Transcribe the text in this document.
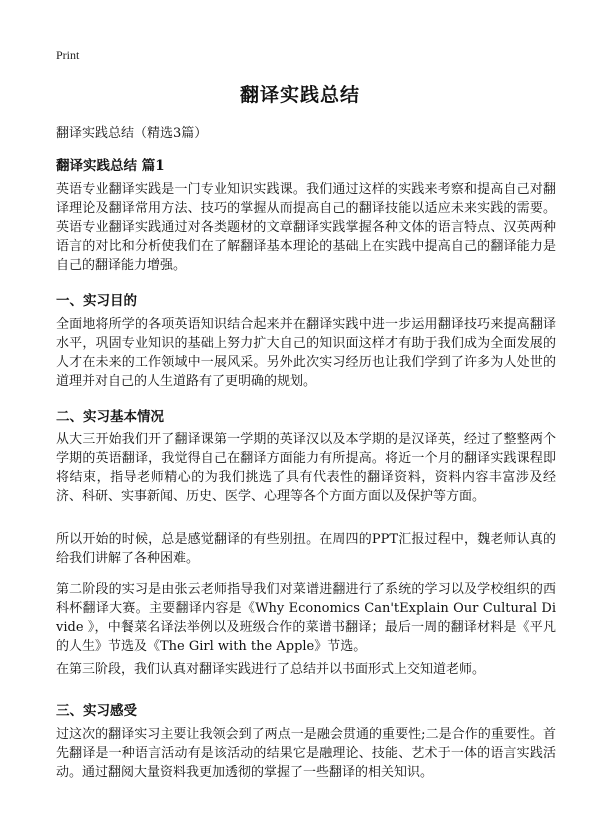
Print
翻译实践总结
翻译实践总结（精选3篇）
翻译实践总结 篇1
英语专业翻译实践是一门专业知识实践课。我们通过这样的实践来考察和提高自己对翻译理论及翻译常用方法、技巧的掌握从而提高自己的翻译技能以适应未来实践的需要。英语专业翻译实践通过对各类题材的文章翻译实践掌握各种文体的语言特点、汉英两种语言的对比和分析使我们在了解翻译基本理论的基础上在实践中提高自己的翻译能力是自己的翻译能力增强。
一、实习目的
全面地将所学的各项英语知识结合起来并在翻译实践中进一步运用翻译技巧来提高翻译水平，巩固专业知识的基础上努力扩大自己的知识面这样才有助于我们成为全面发展的人才在未来的工作领域中一展风采。另外此次实习经历也让我们学到了许多为人处世的道理并对自己的人生道路有了更明确的规划。
二、实习基本情况
从大三开始我们开了翻译课第一学期的英译汉以及本学期的是汉译英，经过了整整两个学期的英语翻译，我觉得自己在翻译方面能力有所提高。将近一个月的翻译实践课程即将结束，指导老师精心的为我们挑选了具有代表性的翻译资料，资料内容丰富涉及经济、科研、实事新闻、历史、医学、心理等各个方面方面以及保护等方面。
所以开始的时候，总是感觉翻译的有些别扭。在周四的PPT汇报过程中，魏老师认真的给我们讲解了各种困难。
第二阶段的实习是由张云老师指导我们对菜谱进翻进行了系统的学习以及学校组织的西科杯翻译大赛。主要翻译内容是《Why Economics Can'tExplain Our Cultural Divide 》，中餐菜名译法举例以及班级合作的菜谱书翻译；最后一周的翻译材料是《平凡的人生》节选及《The Girl with the Apple》节选。
在第三阶段，我们认真对翻译实践进行了总结并以书面形式上交知道老师。
三、实习感受
过这次的翻译实习主要让我领会到了两点一是融会贯通的重要性;二是合作的重要性。首先翻译是一种语言活动有是该活动的结果它是融理论、技能、艺术于一体的语言实践活动。通过翻阅大量资料我更加透彻的掌握了一些翻译的相关知识。
